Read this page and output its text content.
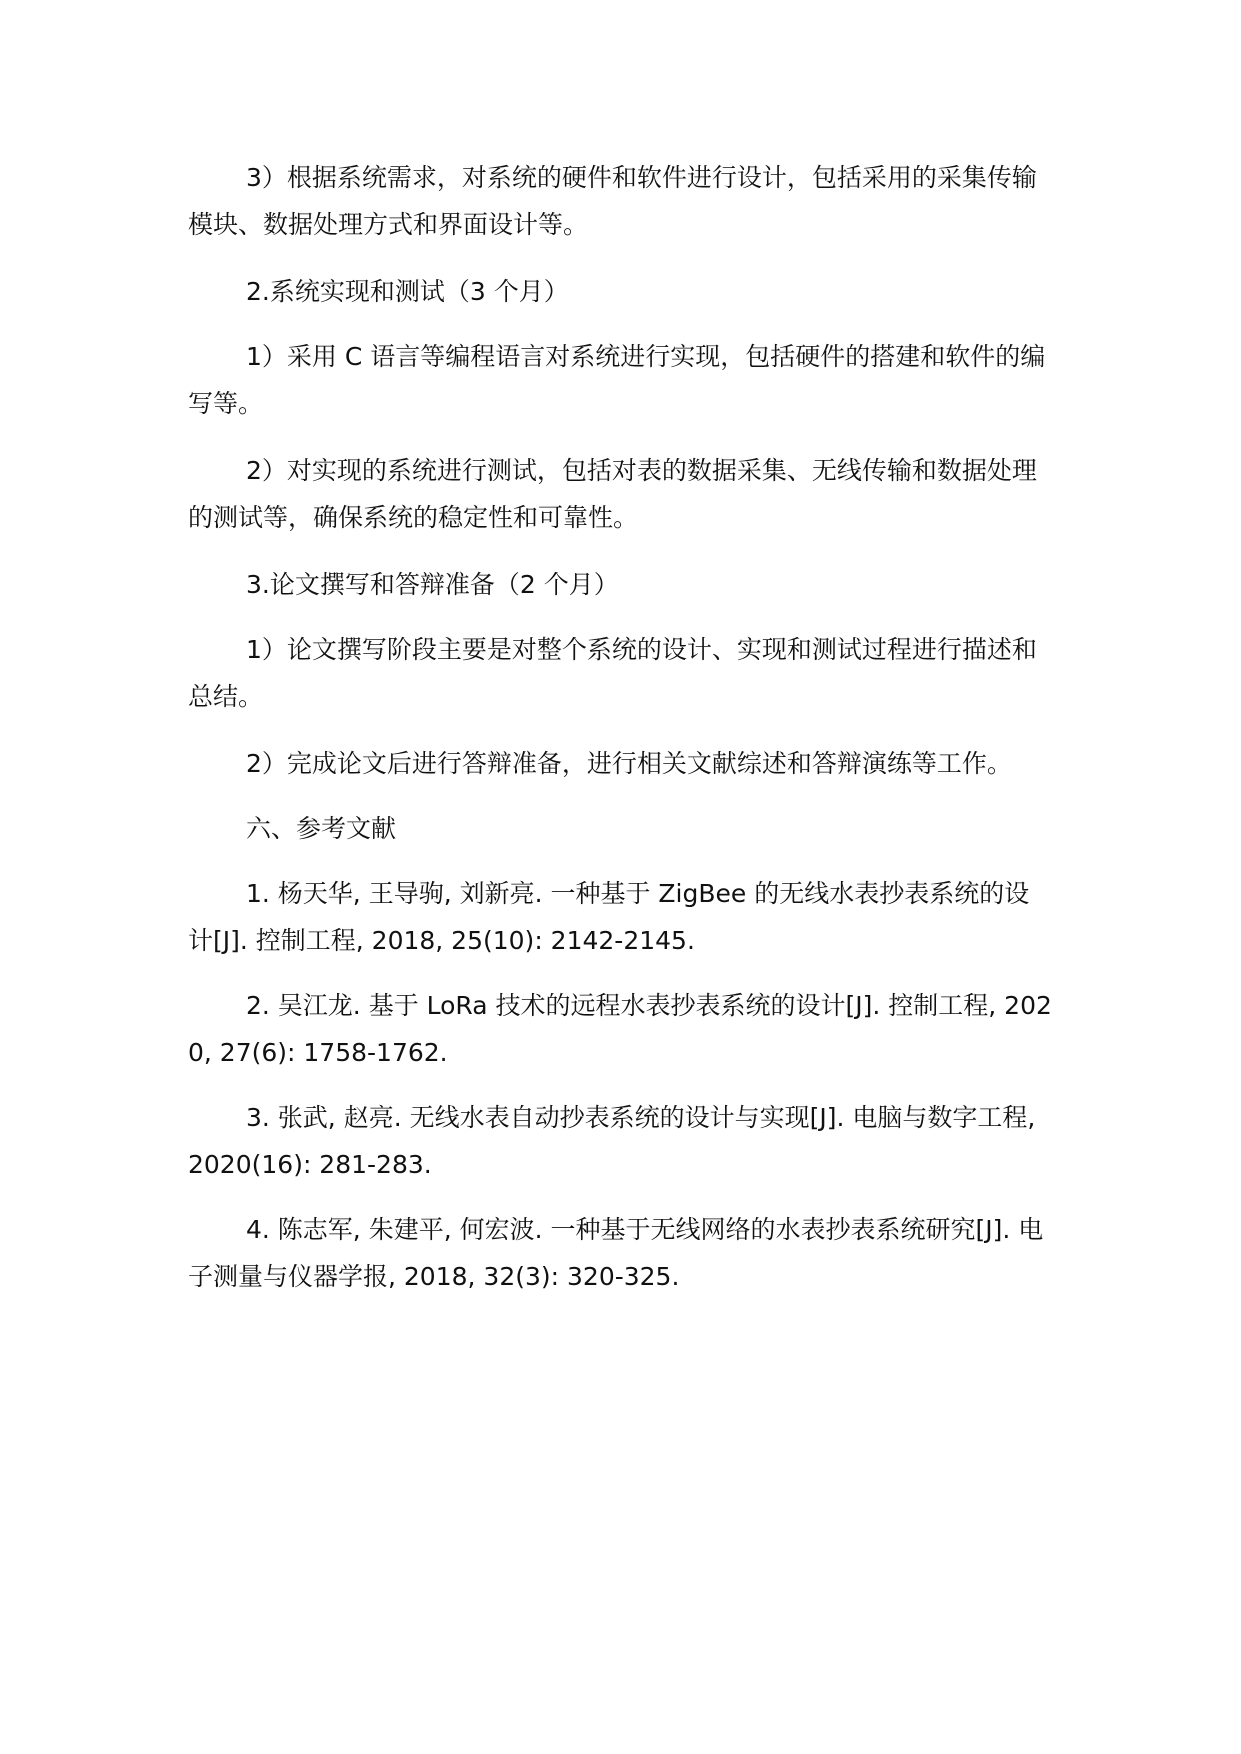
3）根据系统需求，对系统的硬件和软件进行设计，包括采用的采集传输模块、数据处理方式和界面设计等。

2.系统实现和测试（3 个月）

1）采用 C 语言等编程语言对系统进行实现，包括硬件的搭建和软件的编写等。

2）对实现的系统进行测试，包括对表的数据采集、无线传输和数据处理的测试等，确保系统的稳定性和可靠性。

3.论文撰写和答辩准备（2 个月）

1）论文撰写阶段主要是对整个系统的设计、实现和测试过程进行描述和总结。

2）完成论文后进行答辩准备，进行相关文献综述和答辩演练等工作。

六、参考文献

1. 杨天华, 王导驹, 刘新亮. 一种基于 ZigBee 的无线水表抄表系统的设计[J]. 控制工程, 2018, 25(10): 2142-2145.

2. 吴江龙. 基于 LoRa 技术的远程水表抄表系统的设计[J]. 控制工程, 2020, 27(6): 1758-1762.

3. 张武, 赵亮. 无线水表自动抄表系统的设计与实现[J]. 电脑与数字工程, 2020(16): 281-283.

4. 陈志军, 朱建平, 何宏波. 一种基于无线网络的水表抄表系统研究[J]. 电子测量与仪器学报, 2018, 32(3): 320-325.
